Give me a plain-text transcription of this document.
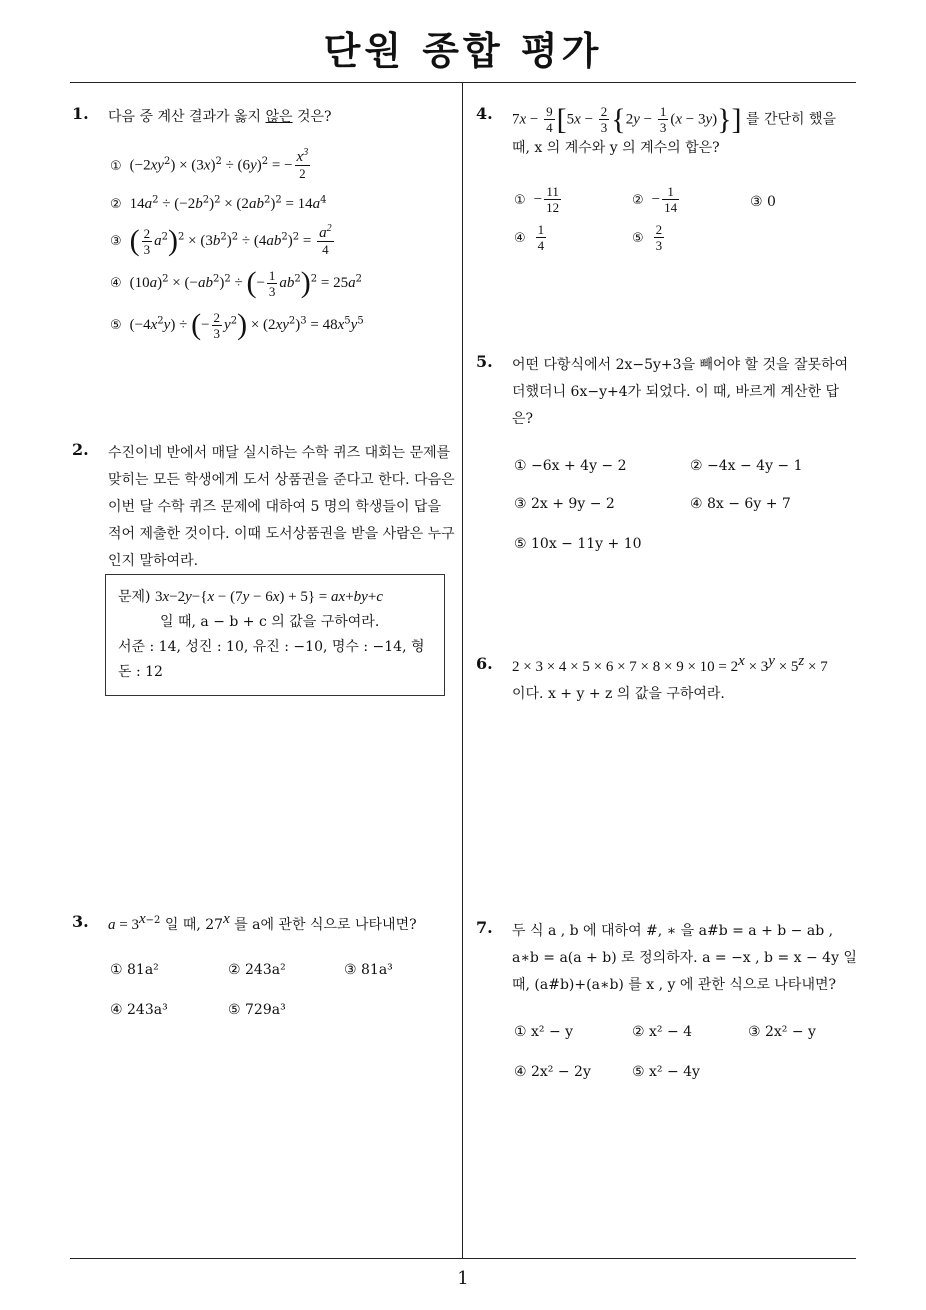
단원 종합 평가
1
1. 다음 중 계산 결과가 옳지 않은 것은?
① $(-2xy^2) \times (3x)^2 \div (6y)^2$ = − $\frac{x^3}{2}$
② $14a^2 \div (-2b^2)^2 \times (2ab^2)^2 = 14a^4$
③ ( $\frac{2}{3} a^2)^2 \times (3b^2)^2 \div (4ab^2)^2 = \frac{a^2}{4}$
④ $(10a)^2 \times (-ab^2)^2$ ÷ (− $\frac{1}{3} ab^2)^2 = 25a^2$
⑤ $(-4x^2y)$ ÷ (− $\frac{2}{3} y^2) \times (2xy^2)^3 = 48x^5y^5$
2. 수진이네 반에서 매달 실시하는 수학 퀴즈 대회는 문제를 맞히는 모든 학생에게 도서 상품권을 준다고 한다. 다음은 이번 달 수학 퀴즈 문제에 대하여 5 명의 학생들이 답을 적어 제출한 것이다. 이때 도서상품권을 받을 사람은 누구인지 말하여라.
문제) 3x−2y−{x − (7y − 6x) + 5} = ax+by+c
일 때, a − b + c 의 값을 구하여라.
서준 : 14, 성진 : 10, 유진 : −10, 명수 : −14, 형돈 : 12
3. $a = 3^{x-2}$ 일 때, 27$^x$ 를 a에 관한 식으로 나타내면?
① 81a²	② 243a²	③ 81a³
④ 243a³	⑤ 729a³
4. $7x - \frac{9}{4} [5x - \frac{2}{3} \{2y - \frac{1}{3} (x - 3y)\}]$ 를 간단히 했을
때, x 의 계수와 y 의 계수의 합은?
① − $\frac{11}{12}$	② − $\frac{1}{14}$	③ 0
④ $\frac{1}{4}$	⑤ $\frac{2}{3}$
5. 어떤 다항식에서 2x−5y+3을 빼어야 할 것을 잘못하여 더했더니 6x−y+4가 되었다. 이 때, 바르게 계산한 답은?
① −6x + 4y − 2	② −4x − 4y − 1
③ 2x + 9y − 2	④ 8x − 6y + 7
⑤ 10x − 11y + 10
6. $2 \times 3 \times 4 \times 5 \times 6 \times 7 \times 8 \times 9 \times 10 = 2^x \times 3^y \times 5^z \times 7$
이다. x + y + z 의 값을 구하여라.
7. 두 식 a , b 에 대하여 #, ∗ 을 a#b = a + b − ab , a∗b = a(a + b) 로 정의하자. a = −x , b = x − 4y 일 때, (a#b)+(a∗b) 를 x , y 에 관한 식으로 나타내면?
① x² − y	② x² − 4	③ 2x² − y
④ 2x² − 2y	⑤ x² − 4y
